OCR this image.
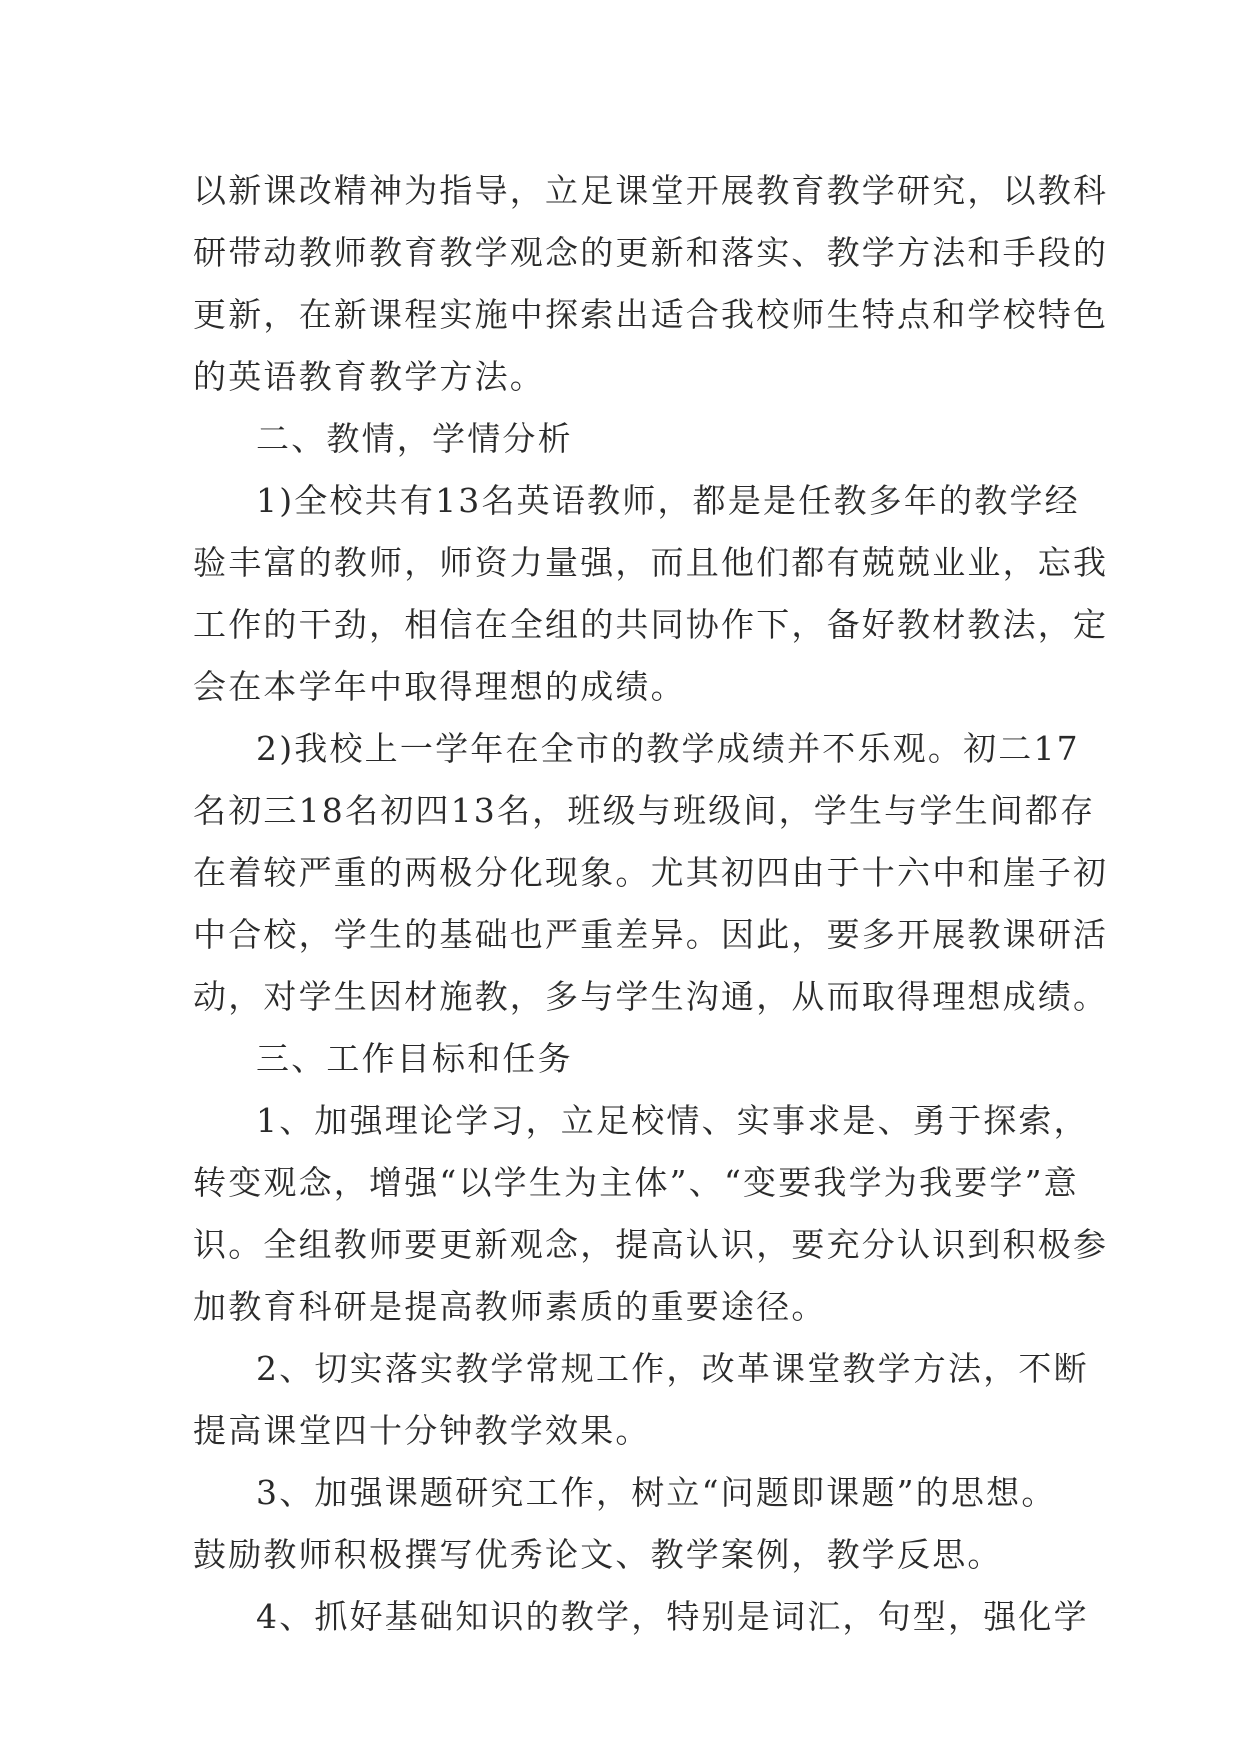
以新课改精神为指导，立足课堂开展教育教学研究，以教科
研带动教师教育教学观念的更新和落实、教学方法和手段的
更新，在新课程实施中探索出适合我校师生特点和学校特色
的英语教育教学方法。
二、教情，学情分析
1)全校共有13名英语教师，都是是任教多年的教学经
验丰富的教师，师资力量强，而且他们都有兢兢业业，忘我
工作的干劲，相信在全组的共同协作下，备好教材教法，定
会在本学年中取得理想的成绩。
2)我校上一学年在全市的教学成绩并不乐观。初二17
名初三18名初四13名，班级与班级间，学生与学生间都存
在着较严重的两极分化现象。尤其初四由于十六中和崖子初
中合校，学生的基础也严重差异。因此，要多开展教课研活
动，对学生因材施教，多与学生沟通，从而取得理想成绩。
三、工作目标和任务
1、加强理论学习，立足校情、实事求是、勇于探索，
转变观念，增强“以学生为主体”、“变要我学为我要学”意
识。全组教师要更新观念，提高认识，要充分认识到积极参
加教育科研是提高教师素质的重要途径。
2、切实落实教学常规工作，改革课堂教学方法，不断
提高课堂四十分钟教学效果。
3、加强课题研究工作，树立“问题即课题”的思想。
鼓励教师积极撰写优秀论文、教学案例，教学反思。
4、抓好基础知识的教学，特别是词汇，句型，强化学
